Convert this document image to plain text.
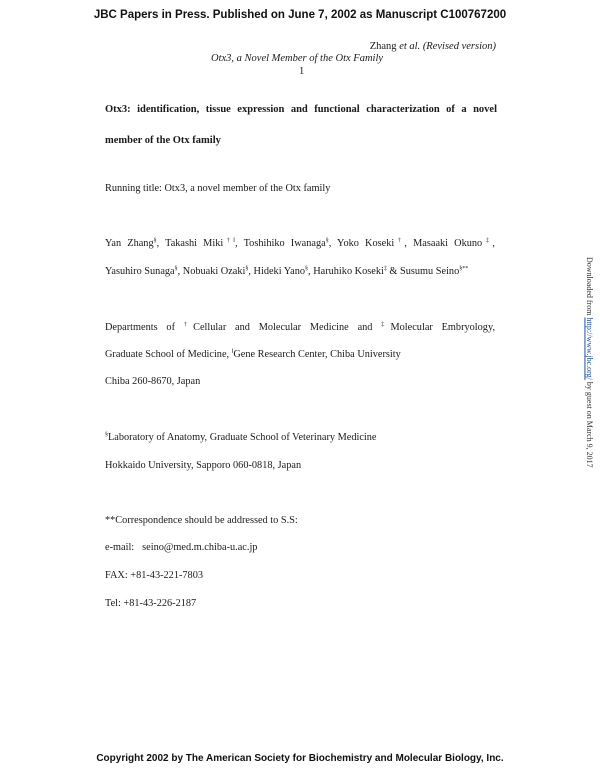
JBC Papers in Press. Published on June 7, 2002 as Manuscript C100767200
Zhang et al. (Revised version)
Otx3, a Novel Member of the Otx Family
1
Otx3: identification, tissue expression and functional characterization of a novel
member of the Otx family
Running title: Otx3, a novel member of the Otx family
Yan Zhang§, Takashi Miki†‖, Toshihiko Iwanaga§, Yoko Koseki†, Masaaki Okuno‡,
Yasuhiro Sunaga§, Nobuaki Ozaki§, Hideki Yano§, Haruhiko Koseki‡ & Susumu Seino§**
Departments of †Cellular and Molecular Medicine and ‡Molecular Embryology,
Graduate School of Medicine, ‖Gene Research Center, Chiba University
Chiba 260-8670, Japan
§Laboratory of Anatomy, Graduate School of Veterinary Medicine
Hokkaido University, Sapporo 060-0818, Japan
**Correspondence should be addressed to S.S:
e-mail: seino@med.m.chiba-u.ac.jp
FAX: +81-43-221-7803
Tel: +81-43-226-2187
Downloaded from http://www.jbc.org/ by guest on March 9, 2017
Copyright 2002 by The American Society for Biochemistry and Molecular Biology, Inc.
